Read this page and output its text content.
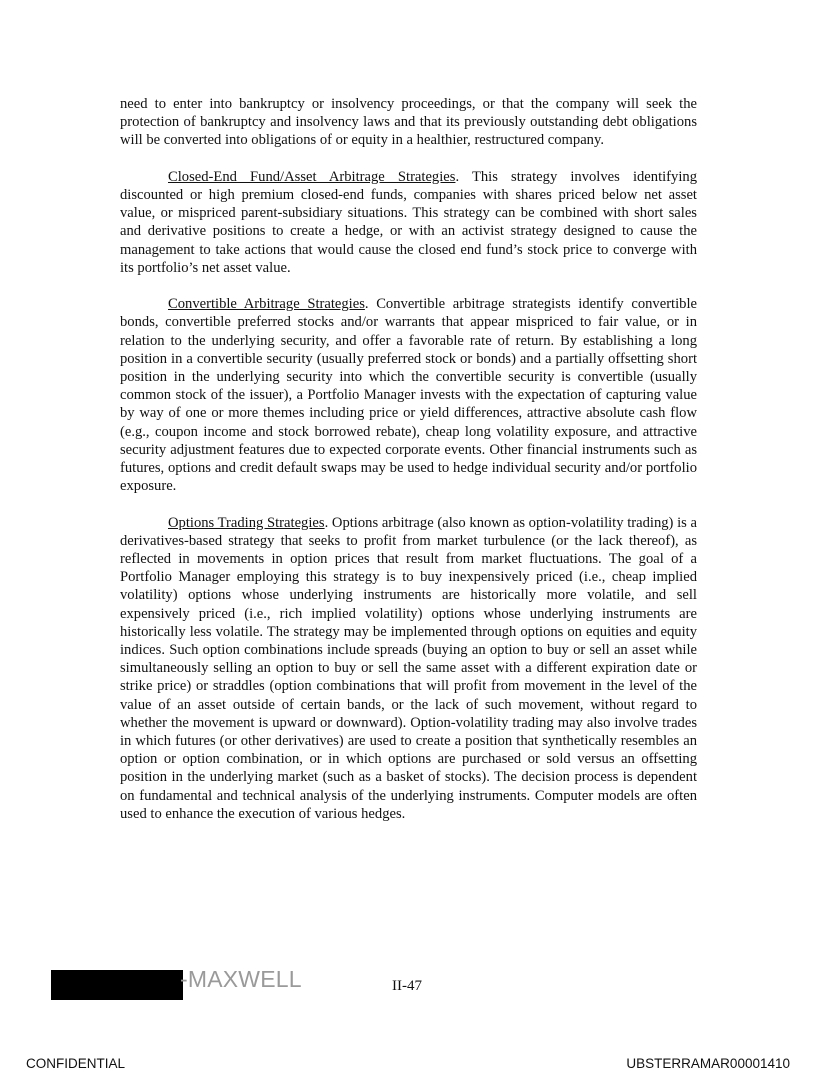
need to enter into bankruptcy or insolvency proceedings, or that the company will seek the protection of bankruptcy and insolvency laws and that its previously outstanding debt obligations will be converted into obligations of or equity in a healthier, restructured company.

Closed-End Fund/Asset Arbitrage Strategies. This strategy involves identifying discounted or high premium closed-end funds, companies with shares priced below net asset value, or mispriced parent-subsidiary situations. This strategy can be combined with short sales and derivative positions to create a hedge, or with an activist strategy designed to cause the management to take actions that would cause the closed end fund’s stock price to converge with its portfolio’s net asset value.

Convertible Arbitrage Strategies. Convertible arbitrage strategists identify convertible bonds, convertible preferred stocks and/or warrants that appear mispriced to fair value, or in relation to the underlying security, and offer a favorable rate of return. By establishing a long position in a convertible security (usually preferred stock or bonds) and a partially offsetting short position in the underlying security into which the convertible security is convertible (usually common stock of the issuer), a Portfolio Manager invests with the expectation of capturing value by way of one or more themes including price or yield differences, attractive absolute cash flow (e.g., coupon income and stock borrowed rebate), cheap long volatility exposure, and attractive security adjustment features due to expected corporate events. Other financial instruments such as futures, options and credit default swaps may be used to hedge individual security and/or portfolio exposure.

Options Trading Strategies. Options arbitrage (also known as option-volatility trading) is a derivatives-based strategy that seeks to profit from market turbulence (or the lack thereof), as reflected in movements in option prices that result from market fluctuations. The goal of a Portfolio Manager employing this strategy is to buy inexpensively priced (i.e., cheap implied volatility) options whose underlying instruments are historically more volatile, and sell expensively priced (i.e., rich implied volatility) options whose underlying instruments are historically less volatile. The strategy may be implemented through options on equities and equity indices. Such option combinations include spreads (buying an option to buy or sell an asset while simultaneously selling an option to buy or sell the same asset with a different expiration date or strike price) or straddles (option combinations that will profit from movement in the level of the value of an asset outside of certain bands, or the lack of such movement, without regard to whether the movement is upward or downward). Option-volatility trading may also involve trades in which futures (or other derivatives) are used to create a position that synthetically resembles an option or option combination, or in which options are purchased or sold versus an offsetting position in the underlying market (such as a basket of stocks). The decision process is dependent on fundamental and technical analysis of the underlying instruments. Computer models are often used to enhance the execution of various hedges.

-MAXWELL	II-47
CONFIDENTIAL	UBSTERRAMAR00001410
